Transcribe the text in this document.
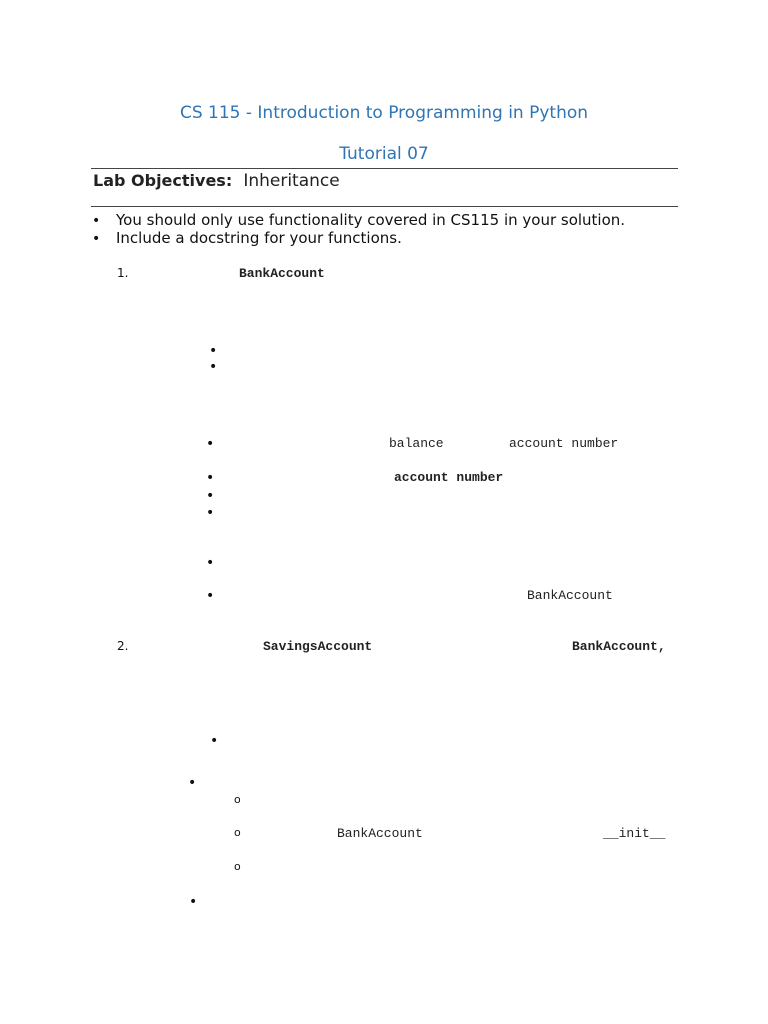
CS 115 - Introduction to Programming in Python
Tutorial 07
Lab Objectives: Inheritance
• You should only use functionality covered in CS115 in your solution.
• Include a docstring for your functions.
1.	BankAccount
•
•
•	balance	account number
•	account number
•
•
•
•	BankAccount
2.	SavingsAccount	BankAccount,
•
•
o
o	BankAccount	__init__
o
•
